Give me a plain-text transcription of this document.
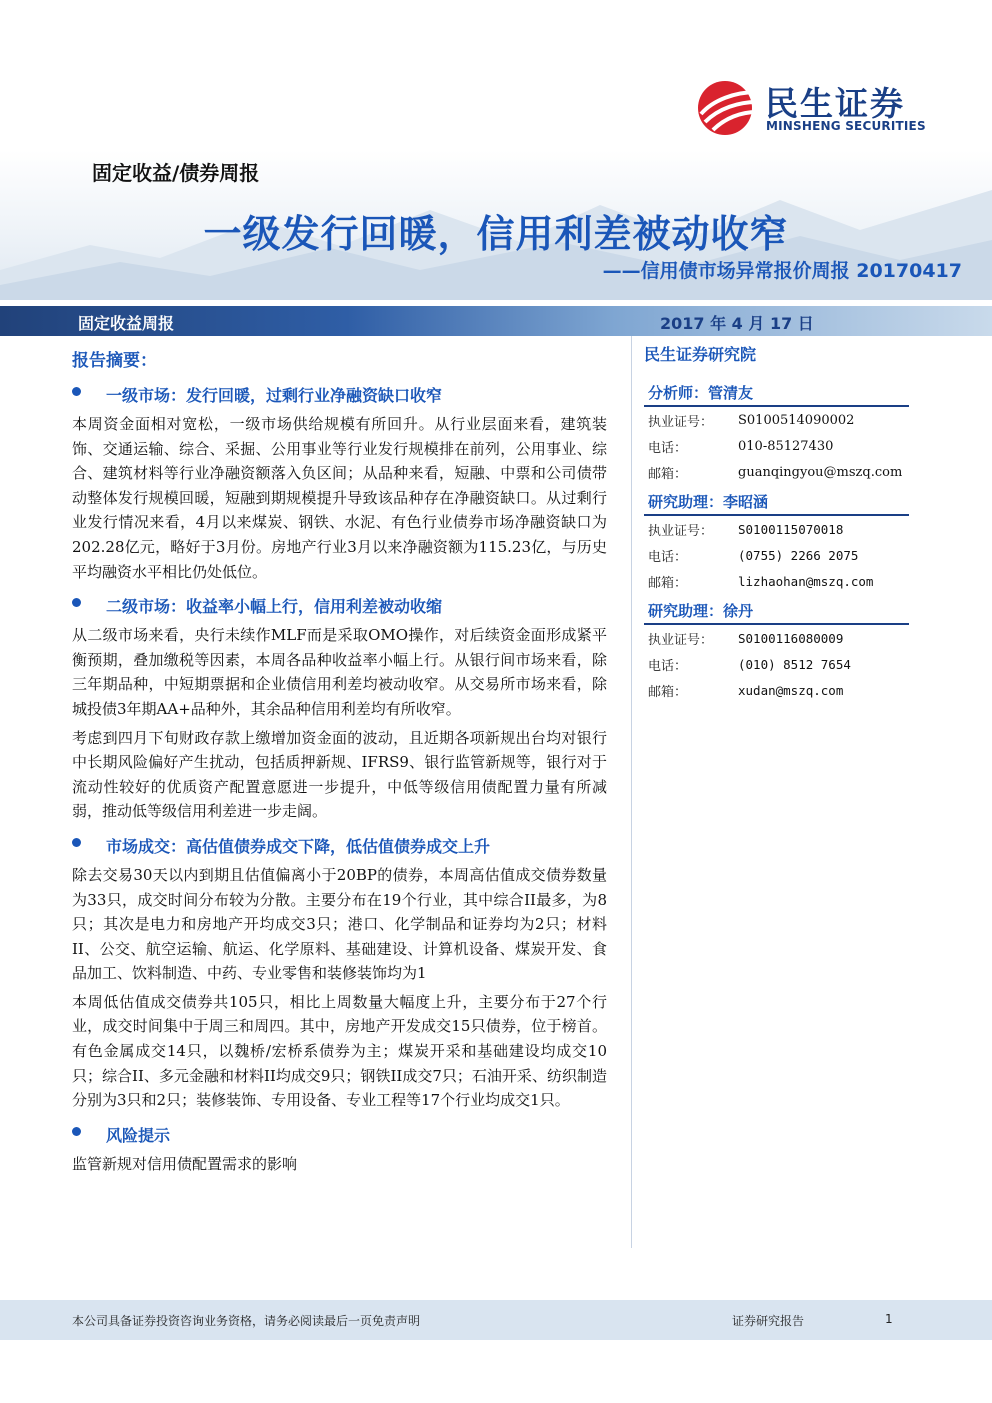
民生证券
MINSHENG SECURITIES
固定收益/债券周报
一级发行回暖，信用利差被动收窄
——信用债市场异常报价周报 20170417
固定收益周报	2017 年 4 月 17 日
报告摘要：
一级市场：发行回暖，过剩行业净融资缺口收窄

本周资金面相对宽松，一级市场供给规模有所回升。从行业层面来看，建筑装饰、交通运输、综合、采掘、公用事业等行业发行规模排在前列，公用事业、综合、建筑材料等行业净融资额落入负区间；从品种来看，短融、中票和公司债带动整体发行规模回暖，短融到期规模提升导致该品种存在净融资缺口。从过剩行业发行情况来看，4月以来煤炭、钢铁、水泥、有色行业债券市场净融资缺口为202.28亿元，略好于3月份。房地产行业3月以来净融资额为115.23亿，与历史平均融资水平相比仍处低位。

二级市场：收益率小幅上行，信用利差被动收缩

从二级市场来看，央行未续作MLF而是采取OMO操作，对后续资金面形成紧平衡预期，叠加缴税等因素，本周各品种收益率小幅上行。从银行间市场来看，除三年期品种，中短期票据和企业债信用利差均被动收窄。从交易所市场来看，除城投债3年期AA+品种外，其余品种信用利差均有所收窄。

考虑到四月下旬财政存款上缴增加资金面的波动，且近期各项新规出台均对银行中长期风险偏好产生扰动，包括质押新规、IFRS9、银行监管新规等，银行对于流动性较好的优质资产配置意愿进一步提升，中低等级信用债配置力量有所减弱，推动低等级信用利差进一步走阔。

市场成交：高估值债券成交下降，低估值债券成交上升

除去交易30天以内到期且估值偏离小于20BP的债券，本周高估值成交债券数量为33只，成交时间分布较为分散。主要分布在19个行业，其中综合II最多，为8只；其次是电力和房地产开均成交3只；港口、化学制品和证券均为2只；材料II、公交、航空运输、航运、化学原料、基础建设、计算机设备、煤炭开发、食品加工、饮料制造、中药、专业零售和装修装饰均为1

本周低估值成交债券共105只，相比上周数量大幅度上升，主要分布于27个行业，成交时间集中于周三和周四。其中，房地产开发成交15只债券，位于榜首。有色金属成交14只，以魏桥/宏桥系债券为主；煤炭开采和基础建设均成交10只；综合II、多元金融和材料II均成交9只；钢铁II成交7只；石油开采、纺织制造分别为3只和2只；装修装饰、专用设备、专业工程等17个行业均成交1只。

风险提示

监管新规对信用债配置需求的影响

民生证券研究院
分析师：管清友
执业证号：	S0100514090002
电话：	010-85127430
邮箱：	guanqingyou@mszq.com
研究助理：李昭涵
执业证号：	S0100115070018
电话：	(0755) 2266 2075
邮箱：	lizhaohan@mszq.com
研究助理：徐丹
执业证号：	S0100116080009
电话：	(010) 8512 7654
邮箱：	xudan@mszq.com
本公司具备证券投资咨询业务资格，请务必阅读最后一页免责声明	证券研究报告	1
